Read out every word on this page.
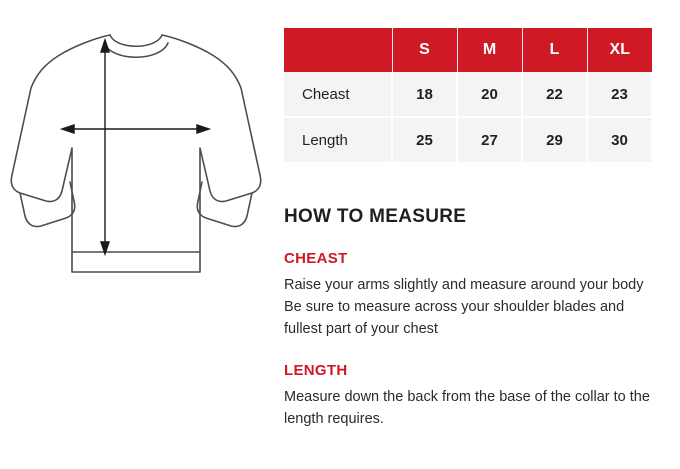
	S	M	L	XL
Cheast	18	20	22	23
Length	25	27	29	30
HOW TO MEASURE
CHEAST
Raise your arms slightly and measure around your body Be sure to measure across your shoulder blades and fullest part of your chest
LENGTH
Measure down the back from the base of the collar to the length requires.
